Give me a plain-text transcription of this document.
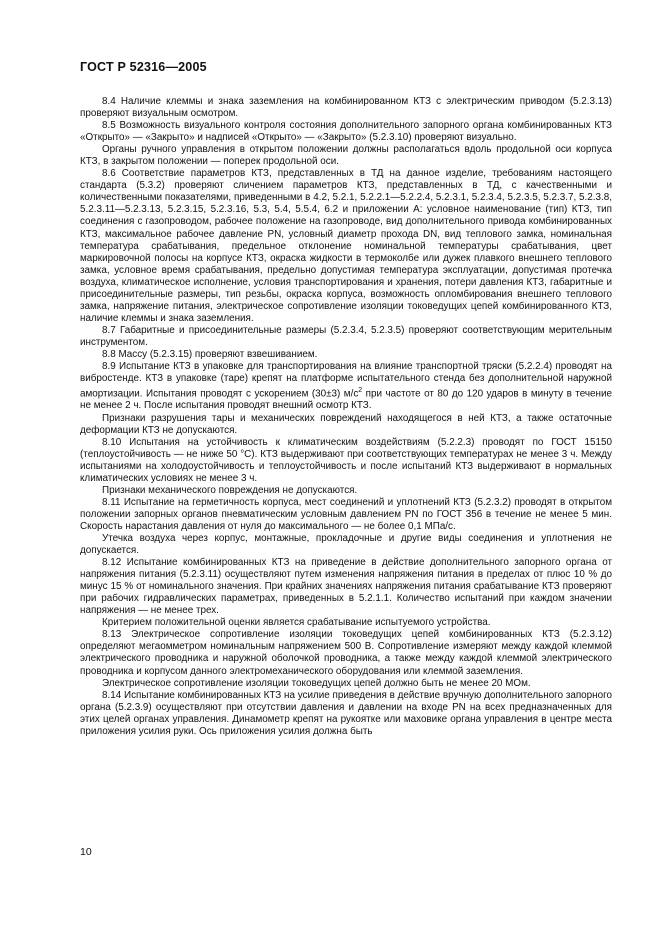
ГОСТ Р 52316—2005

8.4 Наличие клеммы и знака заземления на комбинированном КТЗ с электрическим приводом (5.2.3.13) проверяют визуальным осмотром.

8.5 Возможность визуального контроля состояния дополнительного запорного органа комбинированных КТЗ «Открыто» — «Закрыто» и надписей «Открыто» — «Закрыто» (5.2.3.10) проверяют визуально.

Органы ручного управления в открытом положении должны располагаться вдоль продольной оси корпуса КТЗ, в закрытом положении — поперек продольной оси.

8.6 Соответствие параметров КТЗ, представленных в ТД на данное изделие, требованиям настоящего стандарта (5.3.2) проверяют сличением параметров КТЗ, представленных в ТД, с качественными и количественными показателями, приведенными в 4.2, 5.2.1, 5.2.2.1—5.2.2.4, 5.2.3.1, 5.2.3.4, 5.2.3.5, 5.2.3.7, 5.2.3.8, 5.2.3.11—5.2.3.13, 5.2.3.15, 5.2.3.16, 5.3, 5.4, 5.5.4, 6.2 и приложении А: условное наименование (тип) КТЗ, тип соединения с газопроводом, рабочее положение на газопроводе, вид дополнительного привода комбинированных КТЗ, максимальное рабочее давление PN, условный диаметр прохода DN, вид теплового замка, номинальная температура срабатывания, предельное отклонение номинальной температуры срабатывания, цвет маркировочной полосы на корпусе КТЗ, окраска жидкости в термоколбе или дужек плавкого внешнего теплового замка, условное время срабатывания, предельно допустимая температура эксплуатации, допустимая протечка воздуха, климатическое исполнение, условия транспортирования и хранения, потери давления КТЗ, габаритные и присоединительные размеры, тип резьбы, окраска корпуса, возможность опломбирования внешнего теплового замка, напряжение питания, электрическое сопротивление изоляции токоведущих цепей комбинированного КТЗ, наличие клеммы и знака заземления.

8.7 Габаритные и присоединительные размеры (5.2.3.4, 5.2.3.5) проверяют соответствующим мерительным инструментом.

8.8 Массу (5.2.3.15) проверяют взвешиванием.

8.9 Испытание КТЗ в упаковке для транспортирования на влияние транспортной тряски (5.2.2.4) проводят на вибростенде. КТЗ в упаковке (таре) крепят на платформе испытательного стенда без дополнительной наружной амортизации. Испытания проводят с ускорением (30±3) $м/с^2$ при частоте от 80 до 120 ударов в минуту в течение не менее 2 ч. После испытания проводят внешний осмотр КТЗ.

Признаки разрушения тары и механических повреждений находящегося в ней КТЗ, а также остаточные деформации КТЗ не допускаются.

8.10 Испытания на устойчивость к климатическим воздействиям (5.2.2.3) проводят по ГОСТ 15150 (теплоустойчивость — не ниже 50 °С). КТЗ выдерживают при соответствующих температурах не менее 3 ч. Между испытаниями на холодоустойчивость и теплоустойчивость и после испытаний КТЗ выдерживают в нормальных климатических условиях не менее 3 ч.

Признаки механического повреждения не допускаются.

8.11 Испытание на герметичность корпуса, мест соединений и уплотнений КТЗ (5.2.3.2) проводят в открытом положении запорных органов пневматическим условным давлением PN по ГОСТ 356 в течение не менее 5 мин. Скорость нарастания давления от нуля до максимального — не более 0,1 МПа/с.

Утечка воздуха через корпус, монтажные, прокладочные и другие виды соединения и уплотнения не допускается.

8.12 Испытание комбинированных КТЗ на приведение в действие дополнительного запорного органа от напряжения питания (5.2.3.11) осуществляют путем изменения напряжения питания в пределах от плюс 10 % до минус 15 % от номинального значения. При крайних значениях напряжения питания срабатывание КТЗ проверяют при рабочих гидравлических параметрах, приведенных в 5.2.1.1. Количество испытаний при каждом значении напряжения — не менее трех.

Критерием положительной оценки является срабатывание испытуемого устройства.

8.13 Электрическое сопротивление изоляции токоведущих цепей комбинированных КТЗ (5.2.3.12) определяют мегаомметром номинальным напряжением 500 В. Сопротивление измеряют между каждой клеммой электрического проводника и наружной оболочкой проводника, а также между каждой клеммой электрического проводника и корпусом данного электромеханического оборудования или клеммой заземления.

Электрическое сопротивление изоляции токоведущих цепей должно быть не менее 20 МОм.

8.14 Испытание комбинированных КТЗ на усилие приведения в действие вручную дополнительного запорного органа (5.2.3.9) осуществляют при отсутствии давления и давлении на входе PN на всех предназначенных для этих целей органах управления. Динамометр крепят на рукоятке или маховике органа управления в центре места приложения усилия руки. Ось приложения усилия должна быть

10
